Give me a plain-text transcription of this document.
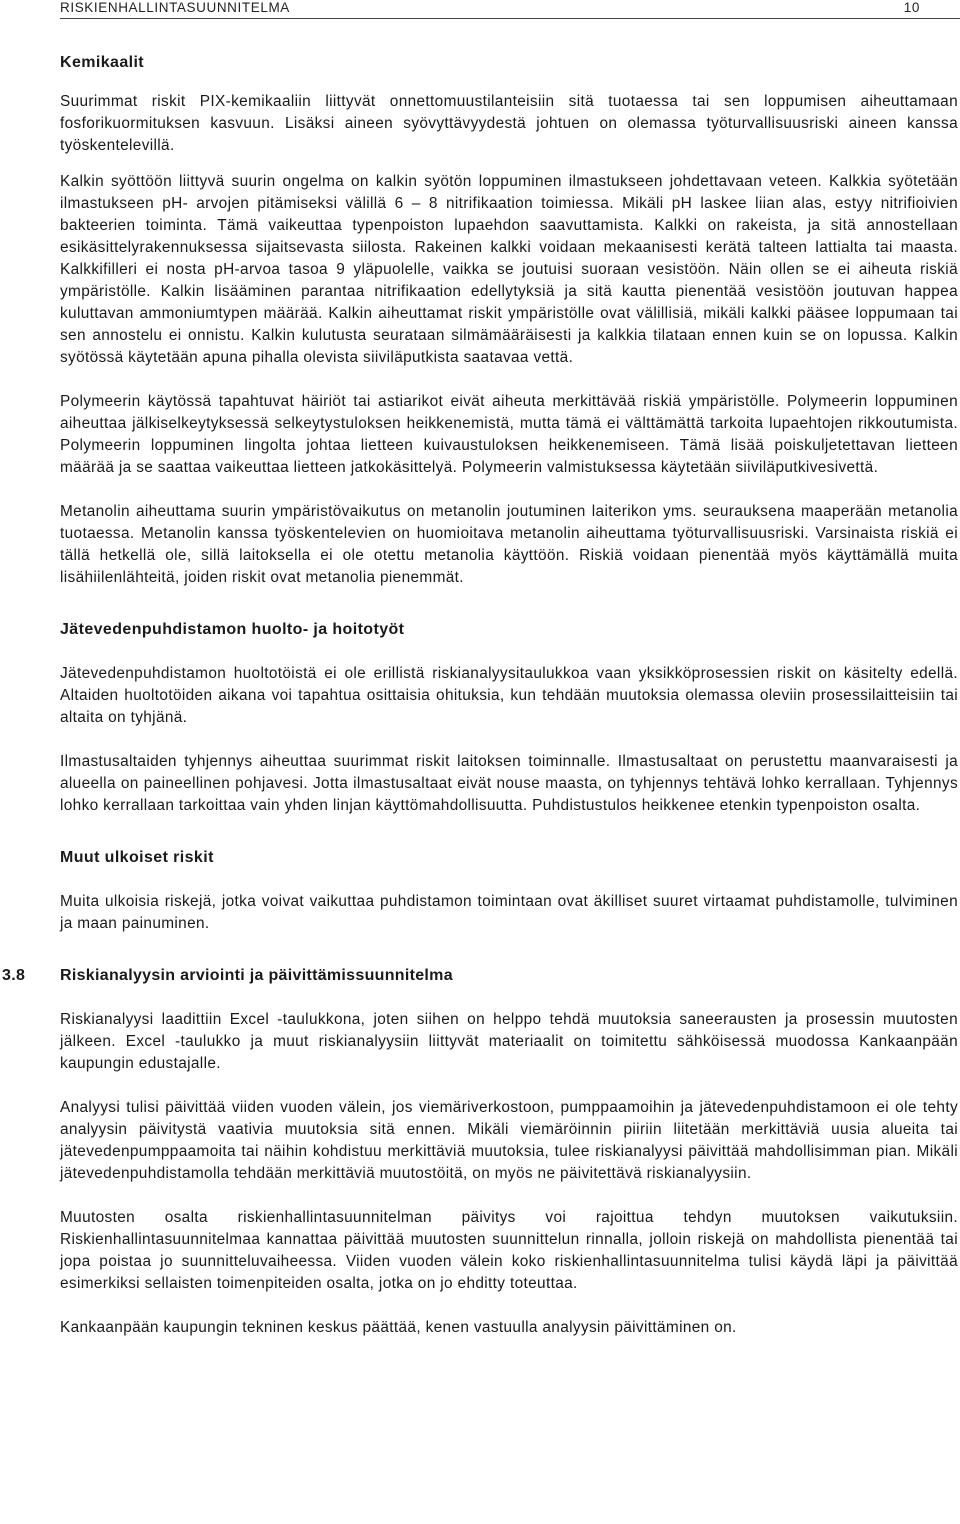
RISKIENHALLINTASUUNNITELMA	10
Kemikaalit

Suurimmat riskit PIX-kemikaaliin liittyvät onnettomuustilanteisiin sitä tuotaessa tai sen loppumisen aiheuttamaan fosforikuormituksen kasvuun. Lisäksi aineen syövyttävyydestä johtuen on olemassa työturvallisuusriski aineen kanssa työskentelevillä.

Kalkin syöttöön liittyvä suurin ongelma on kalkin syötön loppuminen ilmastukseen johdettavaan veteen. Kalkkia syötetään ilmastukseen pH- arvojen pitämiseksi välillä 6 – 8 nitrifikaation toimiessa. Mikäli pH laskee liian alas, estyy nitrifioivien bakteerien toiminta. Tämä vaikeuttaa typenpoiston lupaehdon saavuttamista. Kalkki on rakeista, ja sitä annostellaan esikäsittelyrakennuksessa sijaitsevasta siilosta. Rakeinen kalkki voidaan mekaanisesti kerätä talteen lattialta tai maasta. Kalkkifilleri ei nosta pH-arvoa tasoa 9 yläpuolelle, vaikka se joutuisi suoraan vesistöön. Näin ollen se ei aiheuta riskiä ympäristölle. Kalkin lisääminen parantaa nitrifikaation edellytyksiä ja sitä kautta pienentää vesistöön joutuvan happea kuluttavan ammoniumtypen määrää. Kalkin aiheuttamat riskit ympäristölle ovat välillisiä, mikäli kalkki pääsee loppumaan tai sen annostelu ei onnistu. Kalkin kulutusta seurataan silmämääräisesti ja kalkkia tilataan ennen kuin se on lopussa. Kalkin syötössä käytetään apuna pihalla olevista siiviläputkista saatavaa vettä.

Polymeerin käytössä tapahtuvat häiriöt tai astiarikot eivät aiheuta merkittävää riskiä ympäristölle. Polymeerin loppuminen aiheuttaa jälkiselkeytyksessä selkeytystuloksen heikkenemistä, mutta tämä ei välttämättä tarkoita lupaehtojen rikkoutumista. Polymeerin loppuminen lingolta johtaa lietteen kuivaustuloksen heikkenemiseen. Tämä lisää poiskuljetettavan lietteen määrää ja se saattaa vaikeuttaa lietteen jatkokäsittelyä. Polymeerin valmistuksessa käytetään siiviläputkivesivettä.

Metanolin aiheuttama suurin ympäristövaikutus on metanolin joutuminen laiterikon yms. seurauksena maaperään metanolia tuotaessa. Metanolin kanssa työskentelevien on huomioitava metanolin aiheuttama työturvallisuusriski. Varsinaista riskiä ei tällä hetkellä ole, sillä laitoksella ei ole otettu metanolia käyttöön. Riskiä voidaan pienentää myös käyttämällä muita lisähiilenlähteitä, joiden riskit ovat metanolia pienemmät.

Jätevedenpuhdistamon huolto- ja hoitotyöt

Jätevedenpuhdistamon huoltotöistä ei ole erillistä riskianalyysitaulukkoa vaan yksikköprosessien riskit on käsitelty edellä. Altaiden huoltotöiden aikana voi tapahtua osittaisia ohituksia, kun tehdään muutoksia olemassa oleviin prosessilaitteisiin tai altaita on tyhjänä.

Ilmastusaltaiden tyhjennys aiheuttaa suurimmat riskit laitoksen toiminnalle. Ilmastusaltaat on perustettu maanvaraisesti ja alueella on paineellinen pohjavesi. Jotta ilmastusaltaat eivät nouse maasta, on tyhjennys tehtävä lohko kerrallaan. Tyhjennys lohko kerrallaan tarkoittaa vain yhden linjan käyttömahdollisuutta. Puhdistustulos heikkenee etenkin typenpoiston osalta.

Muut ulkoiset riskit

Muita ulkoisia riskejä, jotka voivat vaikuttaa puhdistamon toimintaan ovat äkilliset suuret virtaamat puhdistamolle, tulviminen ja maan painuminen.

3.8 Riskianalyysin arviointi ja päivittämissuunnitelma

Riskianalyysi laadittiin Excel -taulukkona, joten siihen on helppo tehdä muutoksia saneerausten ja prosessin muutosten jälkeen. Excel -taulukko ja muut riskianalyysiin liittyvät materiaalit on toimitettu sähköisessä muodossa Kankaanpään kaupungin edustajalle.

Analyysi tulisi päivittää viiden vuoden välein, jos viemäriverkostoon, pumppaamoihin ja jätevedenpuhdistamoon ei ole tehty analyysin päivitystä vaativia muutoksia sitä ennen. Mikäli viemäröinnin piiriin liitetään merkittäviä uusia alueita tai jätevedenpumppaamoita tai näihin kohdistuu merkittäviä muutoksia, tulee riskianalyysi päivittää mahdollisimman pian. Mikäli jätevedenpuhdistamolla tehdään merkittäviä muutostöitä, on myös ne päivitettävä riskianalyysiin.

Muutosten osalta riskienhallintasuunnitelman päivitys voi rajoittua tehdyn muutoksen vaikutuksiin. Riskienhallintasuunnitelmaa kannattaa päivittää muutosten suunnittelun rinnalla, jolloin riskejä on mahdollista pienentää tai jopa poistaa jo suunnitteluvaiheessa. Viiden vuoden välein koko riskienhallintasuunnitelma tulisi käydä läpi ja päivittää esimerkiksi sellaisten toimenpiteiden osalta, jotka on jo ehditty toteuttaa.

Kankaanpään kaupungin tekninen keskus päättää, kenen vastuulla analyysin päivittäminen on.
